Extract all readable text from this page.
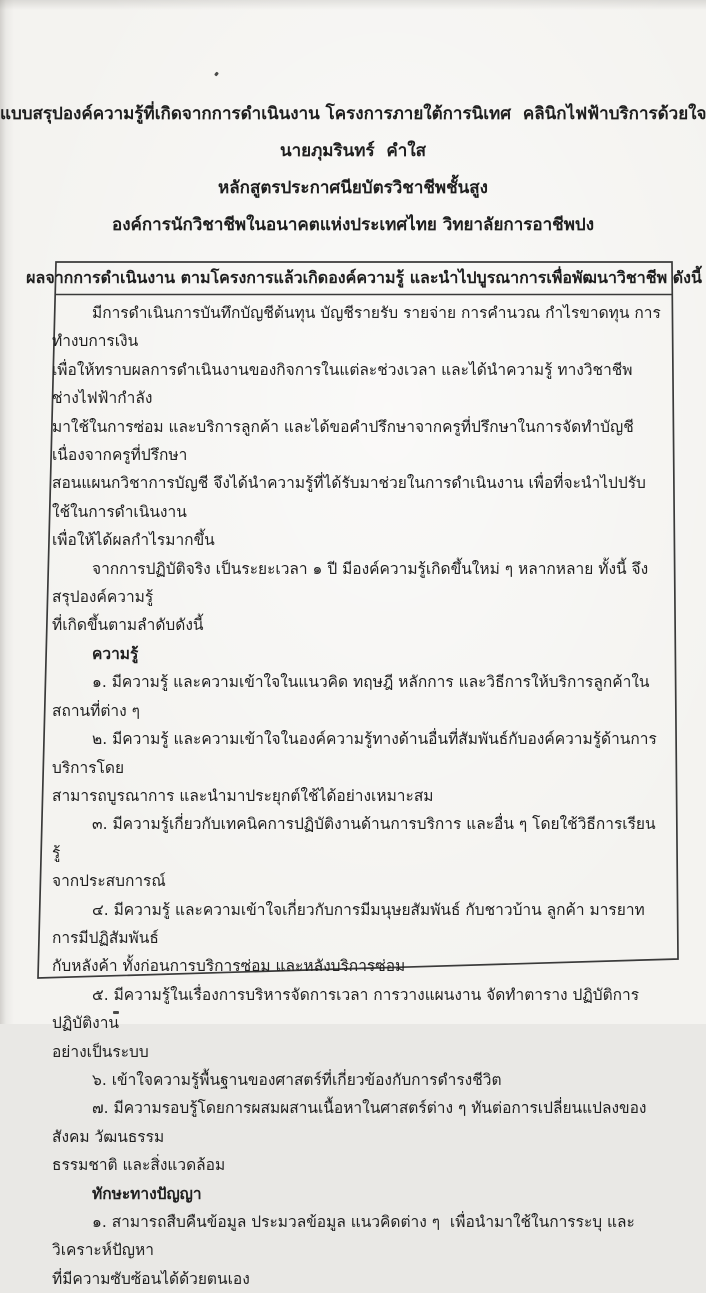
แบบสรุปองค์ความรู้ที่เกิดจากการดำเนินงาน โครงการภายใต้การนิเทศ  คลินิกไฟฟ้าบริการด้วยใจ
นายภุมรินทร์  คำใส
หลักสูตรประกาศนียบัตรวิชาชีพชั้นสูง
องค์การนักวิชาชีพในอนาคตแห่งประเทศไทย วิทยาลัยการอาชีพปง
ผลจากการดำเนินงาน ตามโครงการแล้วเกิดองค์ความรู้ และนำไปบูรณาการเพื่อพัฒนาวิชาชีพ ดังนี้
มีการดำเนินการบันทึกบัญชีต้นทุน บัญชีรายรับ รายจ่าย การคำนวณ กำไรขาดทุน การทำงบการเงิน
เพื่อให้ทราบผลการดำเนินงานของกิจการในแต่ละช่วงเวลา และได้นำความรู้ ทางวิชาชีพช่างไฟฟ้ากำลัง
มาใช้ในการซ่อม และบริการลูกค้า และได้ขอคำปรึกษาจากครูที่ปรึกษาในการจัดทำบัญชี เนื่องจากครูที่ปรึกษา
สอนแผนกวิชาการบัญชี จึงได้นำความรู้ที่ได้รับมาช่วยในการดำเนินงาน เพื่อที่จะนำไปปรับใช้ในการดำเนินงาน
เพื่อให้ได้ผลกำไรมากขึ้น
จากการปฏิบัติจริง เป็นระยะเวลา ๑ ปี มีองค์ความรู้เกิดขึ้นใหม่ ๆ หลากหลาย ทั้งนี้ จึงสรุปองค์ความรู้
ที่เกิดขึ้นตามลำดับดังนี้
ความรู้
๑. มีความรู้ และความเข้าใจในแนวคิด ทฤษฎี หลักการ และวิธีการให้บริการลูกค้าในสถานที่ต่าง ๆ
๒. มีความรู้ และความเข้าใจในองค์ความรู้ทางด้านอื่นที่สัมพันธ์กับองค์ความรู้ด้านการบริการโดย
สามารถบูรณาการ และนำมาประยุกต์ใช้ได้อย่างเหมาะสม
๓. มีความรู้เกี่ยวกับเทคนิคการปฏิบัติงานด้านการบริการ และอื่น ๆ โดยใช้วิธีการเรียนรู้
จากประสบการณ์
๔. มีความรู้ และความเข้าใจเกี่ยวกับการมีมนุษยสัมพันธ์ กับชาวบ้าน ลูกค้า มารยาท การมีปฏิสัมพันธ์
กับหลังค้า ทั้งก่อนการบริการซ่อม และหลังบริการซ่อม
๕. มีความรู้ในเรื่องการบริหารจัดการเวลา การวางแผนงาน จัดทำตาราง ปฏิบัติการปฏิบัติงาน
อย่างเป็นระบบ
๖. เข้าใจความรู้พื้นฐานของศาสตร์ที่เกี่ยวข้องกับการดำรงชีวิต
๗. มีความรอบรู้โดยการผสมผสานเนื้อหาในศาสตร์ต่าง ๆ ทันต่อการเปลี่ยนแปลงของสังคม วัฒนธรรม
ธรรมชาติ และสิ่งแวดล้อม
ทักษะทางปัญญา
๑. สามารถสืบคืนข้อมูล ประมวลข้อมูล แนวคิดต่าง ๆ  เพื่อนำมาใช้ในการระบุ และวิเคราะห์ปัญหา
ที่มีความซับซ้อนได้ด้วยตนเอง
